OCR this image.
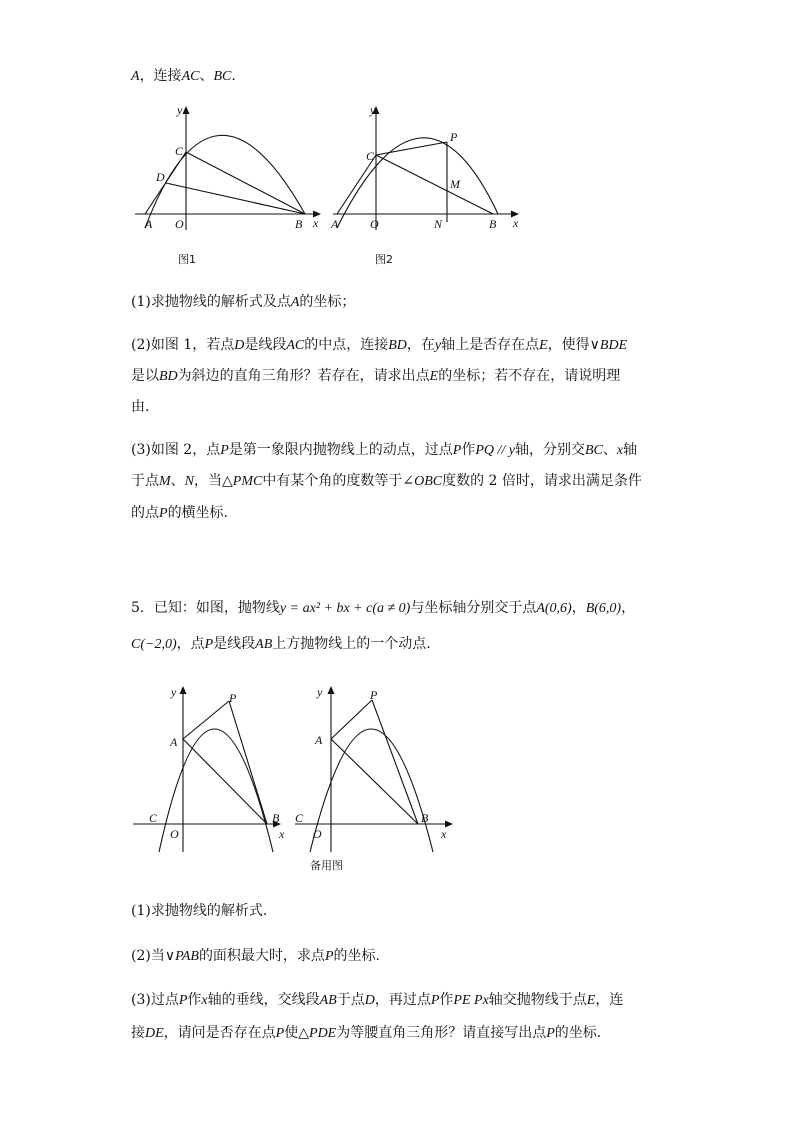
A，连接AC、BC.
y
x
C
D
A O	B
图1
y
x
C
P
M
A	O	N	B
图2
(1)求抛物线的解析式及点A的坐标；
(2)如图 1，若点D是线段AC的中点，连接BD，在y轴上是否存在点E，使得∨BDE
是以BD为斜边的直角三角形？若存在，请求出点E的坐标；若不存在，请说明理
由.
(3)如图 2，点P是第一象限内抛物线上的动点，过点P作PQ // y轴，分别交BC、x轴
于点M、N，当△PMC中有某个角的度数等于∠OBC度数的 2 倍时，请求出满足条件
的点P的横坐标.
5．已知：如图，抛物线y = ax² + bx + c(a ≠ 0)与坐标轴分别交于点A(0,6)，B(6,0)，
C(−2,0)，点P是线段AB上方抛物线上的一个动点.
y
x
P
A
C
O
B
y
x
P
A
C
O
B
备用图
(1)求抛物线的解析式.
(2)当∨PAB的面积最大时，求点P的坐标.
(3)过点P作x轴的垂线，交线段AB于点D，再过点P作PE Px轴交抛物线于点E，连
接DE，请问是否存在点P使△PDE为等腰直角三角形？请直接写出点P的坐标.
